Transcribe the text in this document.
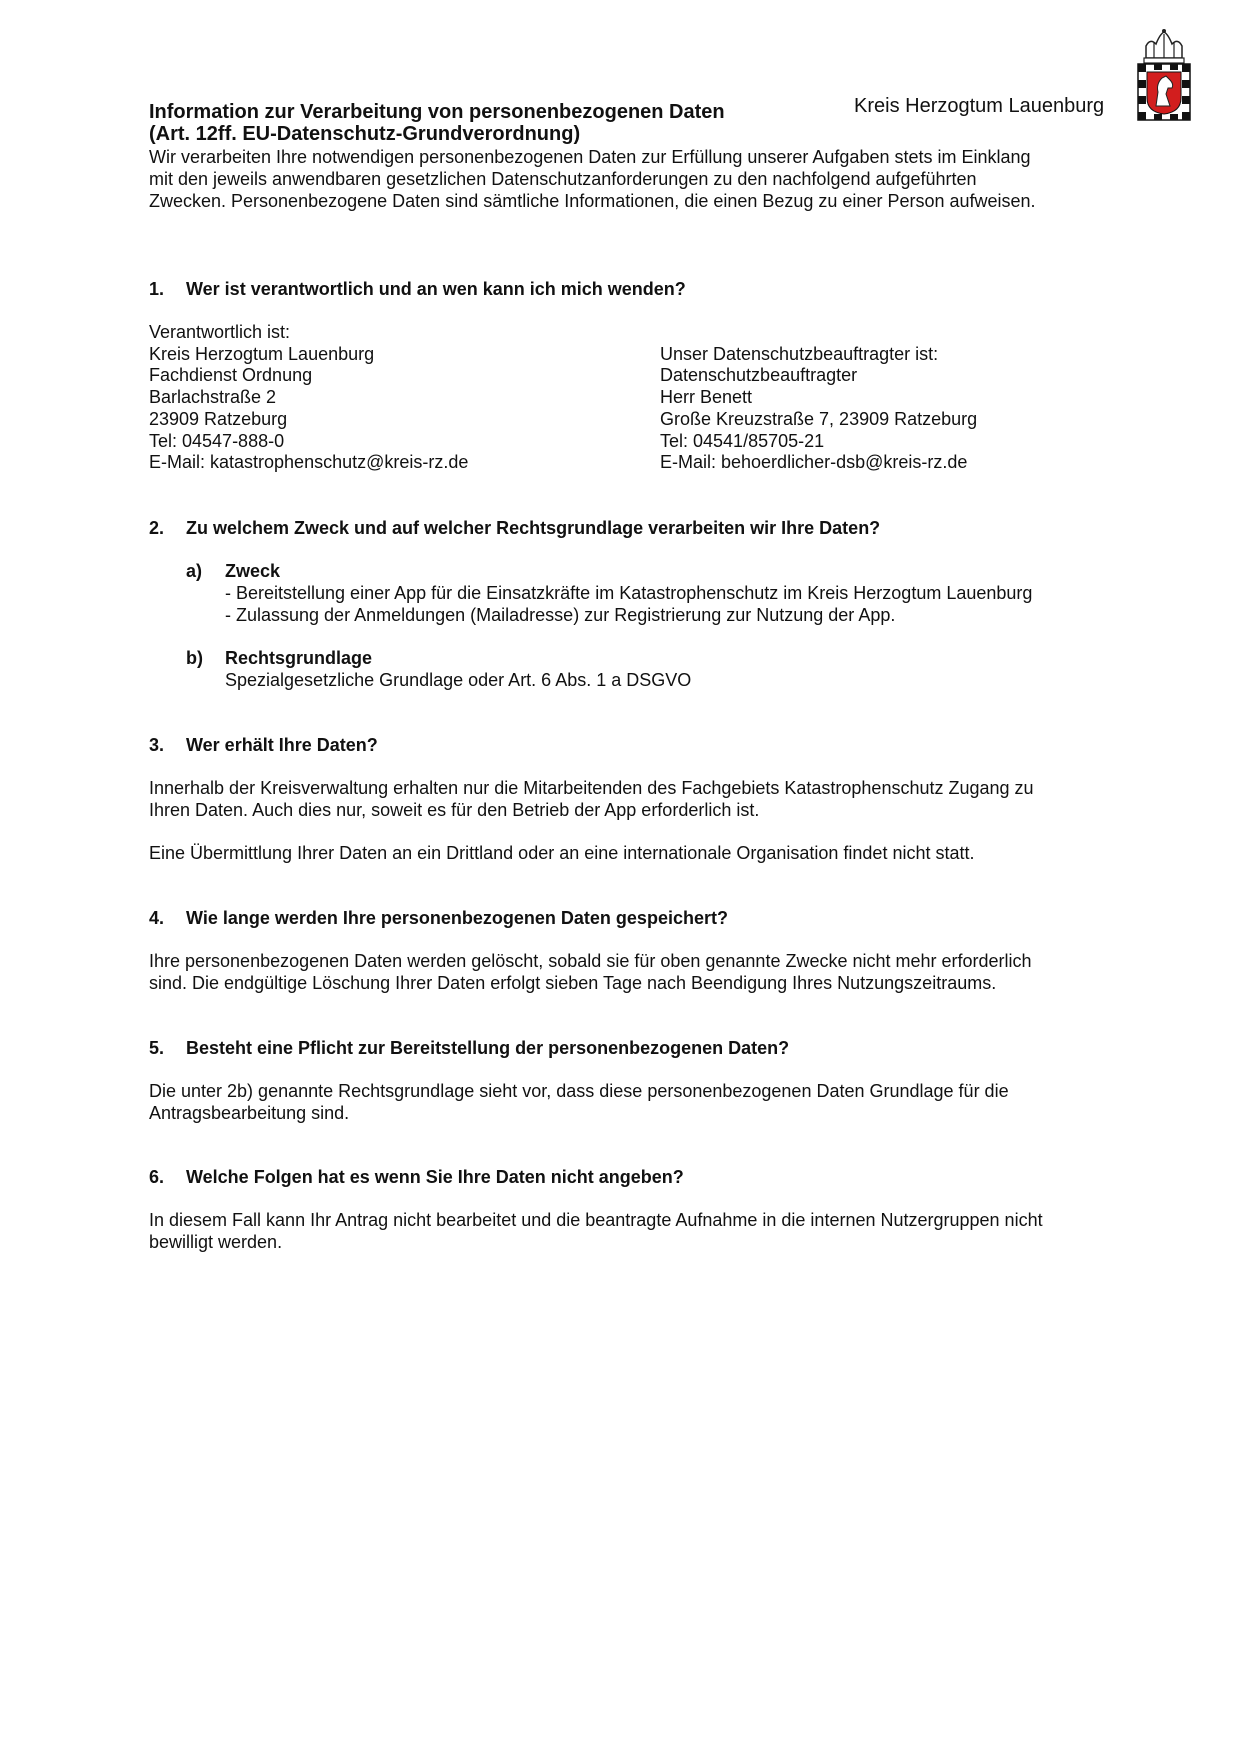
Information zur Verarbeitung von personenbezogenen Daten
(Art. 12ff. EU-Datenschutz-Grundverordnung)
Kreis Herzogtum Lauenburg
Wir verarbeiten Ihre notwendigen personenbezogenen Daten zur Erfüllung unserer Aufgaben stets im Einklang
mit den jeweils anwendbaren gesetzlichen Datenschutzanforderungen zu den nachfolgend aufgeführten
Zwecken. Personenbezogene Daten sind sämtliche Informationen, die einen Bezug zu einer Person aufweisen.
1. Wer ist verantwortlich und an wen kann ich mich wenden?
Verantwortlich ist:
Kreis Herzogtum Lauenburg
Fachdienst Ordnung
Barlachstraße 2
23909 Ratzeburg
Tel: 04547-888-0
E-Mail: katastrophenschutz@kreis-rz.de
Unser Datenschutzbeauftragter ist:
Datenschutzbeauftragter
Herr Benett
Große Kreuzstraße 7, 23909 Ratzeburg
Tel: 04541/85705-21
E-Mail: behoerdlicher-dsb@kreis-rz.de
2. Zu welchem Zweck und auf welcher Rechtsgrundlage verarbeiten wir Ihre Daten?
a) Zweck
- Bereitstellung einer App für die Einsatzkräfte im Katastrophenschutz im Kreis Herzogtum Lauenburg
- Zulassung der Anmeldungen (Mailadresse) zur Registrierung zur Nutzung der App.
b) Rechtsgrundlage
Spezialgesetzliche Grundlage oder Art. 6 Abs. 1 a DSGVO
3. Wer erhält Ihre Daten?
Innerhalb der Kreisverwaltung erhalten nur die Mitarbeitenden des Fachgebiets Katastrophenschutz Zugang zu
Ihren Daten. Auch dies nur, soweit es für den Betrieb der App erforderlich ist.
Eine Übermittlung Ihrer Daten an ein Drittland oder an eine internationale Organisation findet nicht statt.
4. Wie lange werden Ihre personenbezogenen Daten gespeichert?
Ihre personenbezogenen Daten werden gelöscht, sobald sie für oben genannte Zwecke nicht mehr erforderlich
sind. Die endgültige Löschung Ihrer Daten erfolgt sieben Tage nach Beendigung Ihres Nutzungszeitraums.
5. Besteht eine Pflicht zur Bereitstellung der personenbezogenen Daten?
Die unter 2b) genannte Rechtsgrundlage sieht vor, dass diese personenbezogenen Daten Grundlage für die
Antragsbearbeitung sind.
6. Welche Folgen hat es wenn Sie Ihre Daten nicht angeben?
In diesem Fall kann Ihr Antrag nicht bearbeitet und die beantragte Aufnahme in die internen Nutzergruppen nicht
bewilligt werden.
